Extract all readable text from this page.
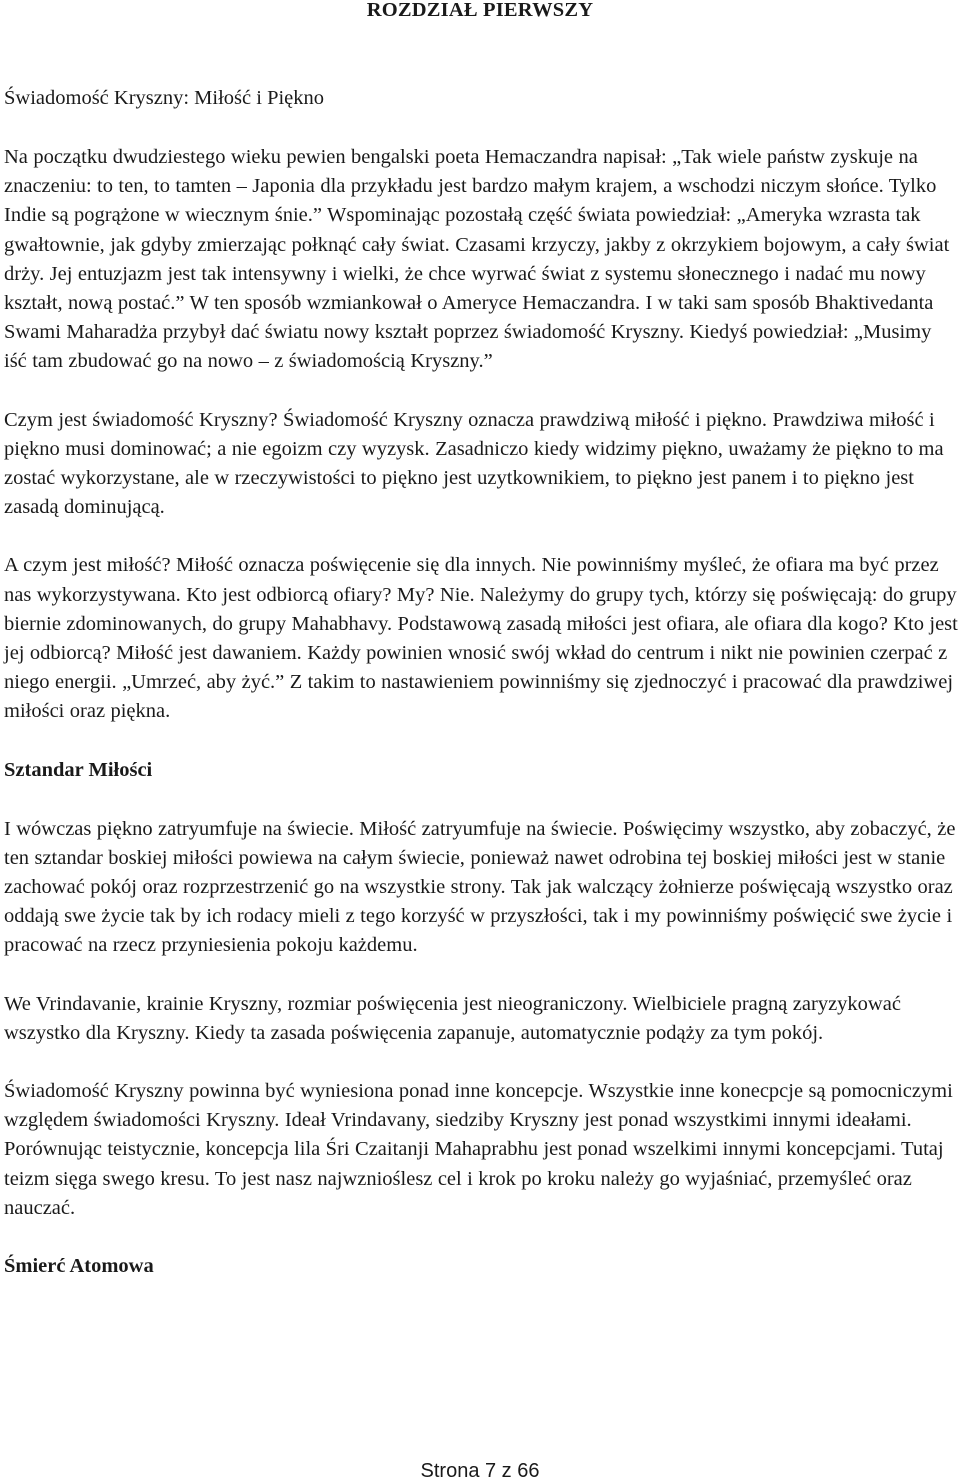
ROZDZIAŁ PIERWSZY
Świadomość Kryszny: Miłość i Piękno

Na początku dwudziestego wieku pewien bengalski poeta Hemaczandra napisał: „Tak wiele państw zyskuje na znaczeniu: to ten, to tamten – Japonia dla przykładu jest bardzo małym krajem, a wschodzi niczym słońce. Tylko Indie są pogrążone w wiecznym śnie.” Wspominając pozostałą część świata powiedział: „Ameryka wzrasta tak gwałtownie, jak gdyby zmierzając połknąć cały świat. Czasami krzyczy, jakby z okrzykiem bojowym, a cały świat drży. Jej entuzjazm jest tak intensywny i wielki, że chce wyrwać świat z systemu słonecznego i nadać mu nowy kształt, nową postać.” W ten sposób wzmiankował o Ameryce Hemaczandra. I w taki sam sposób Bhaktivedanta Swami Maharadża przybył dać światu nowy kształt poprzez świadomość Kryszny. Kiedyś powiedział: „Musimy iść tam zbudować go na nowo – z świadomością Kryszny.”

Czym jest świadomość Kryszny? Świadomość Kryszny oznacza prawdziwą miłość i piękno. Prawdziwa miłość i piękno musi dominować; a nie egoizm czy wyzysk. Zasadniczo kiedy widzimy piękno, uważamy że piękno to ma zostać wykorzystane, ale w rzeczywistości to piękno jest uzytkownikiem, to piękno jest panem i to piękno jest zasadą dominującą.

A czym jest miłość? Miłość oznacza poświęcenie się dla innych. Nie powinniśmy myśleć, że ofiara ma być przez nas wykorzystywana. Kto jest odbiorcą ofiary? My? Nie. Należymy do grupy tych, którzy się poświęcają: do grupy biernie zdominowanych, do grupy Mahabhavy. Podstawową zasadą miłości jest ofiara, ale ofiara dla kogo? Kto jest jej odbiorcą? Miłość jest dawaniem. Każdy powinien wnosić swój wkład do centrum i nikt nie powinien czerpać z niego energii. „Umrzeć, aby żyć.” Z takim to nastawieniem powinniśmy się zjednoczyć i pracować dla prawdziwej miłości oraz piękna.

Sztandar Miłości

I wówczas piękno zatryumfuje na świecie. Miłość zatryumfuje na świecie. Poświęcimy wszystko, aby zobaczyć, że ten sztandar boskiej miłości powiewa na całym świecie, ponieważ nawet odrobina tej boskiej miłości jest w stanie zachować pokój oraz rozprzestrzenić go na wszystkie strony. Tak jak walczący żołnierze poświęcają wszystko oraz oddają swe życie tak by ich rodacy mieli z tego korzyść w przyszłości, tak i my powinniśmy poświęcić swe życie i pracować na rzecz przyniesienia pokoju każdemu.

We Vrindavanie, krainie Kryszny, rozmiar poświęcenia jest nieograniczony. Wielbiciele pragną zaryzykować wszystko dla Kryszny. Kiedy ta zasada poświęcenia zapanuje, automatycznie podąży za tym pokój.

Świadomość Kryszny powinna być wyniesiona ponad inne koncepcje. Wszystkie inne konecpcje są pomocniczymi względem świadomości Kryszny. Ideał Vrindavany, siedziby Kryszny jest ponad wszystkimi innymi ideałami. Porównując teistycznie, koncepcja lila Śri Czaitanji Mahaprabhu jest ponad wszelkimi innymi koncepcjami. Tutaj teizm sięga swego kresu. To jest nasz najwznioślesz cel i krok po kroku należy go wyjaśniać, przemyśleć oraz nauczać.

Śmierć Atomowa
Strona 7 z 66
